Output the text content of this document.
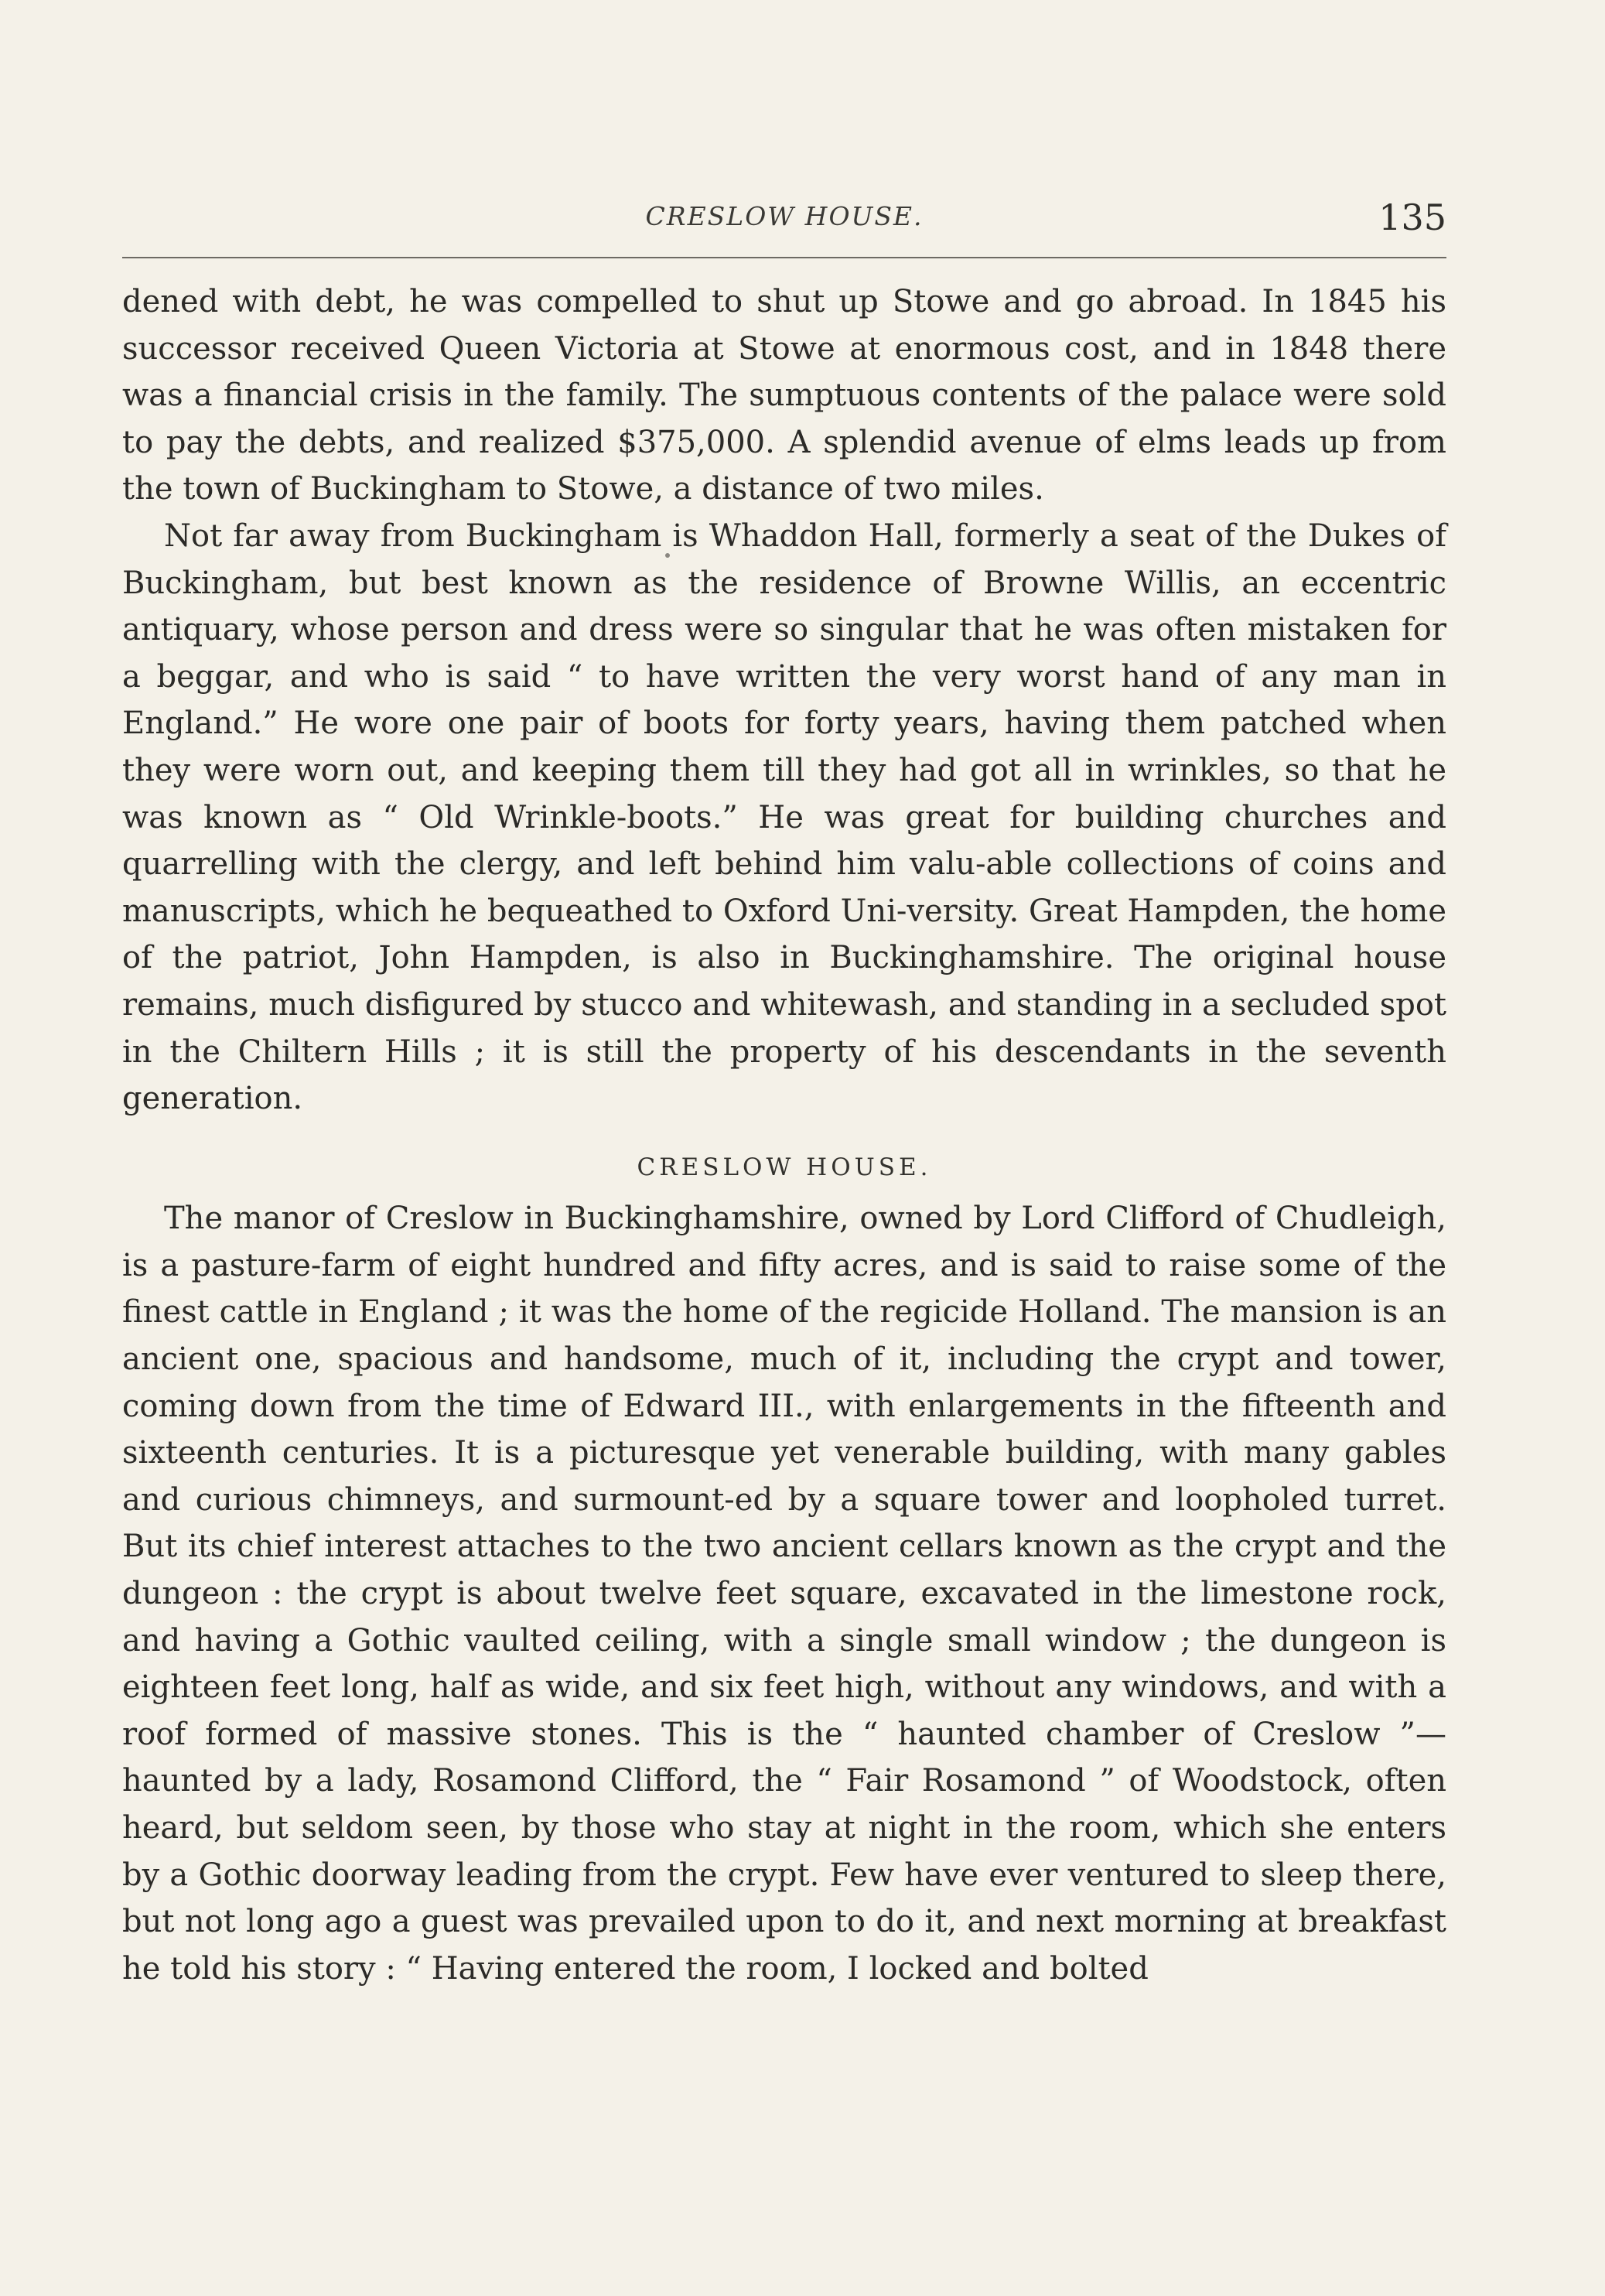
CRESLOW HOUSE.	135

dened with debt, he was compelled to shut up Stowe and go abroad. In 1845 his successor received Queen Victoria at Stowe at enormous cost, and in 1848 there was a financial crisis in the family. The sumptuous contents of the palace were sold to pay the debts, and realized $375,000. A splendid avenue of elms leads up from the town of Buckingham to Stowe, a distance of two miles.

Not far away from Buckingham is Whaddon Hall, formerly a seat of the Dukes of Buckingham, but best known as the residence of Browne Willis, an eccentric antiquary, whose person and dress were so singular that he was often mistaken for a beggar, and who is said “ to have written the very worst hand of any man in England.” He wore one pair of boots for forty years, having them patched when they were worn out, and keeping them till they had got all in wrinkles, so that he was known as “ Old Wrinkle-boots.” He was great for building churches and quarrelling with the clergy, and left behind him valu-able collections of coins and manuscripts, which he bequeathed to Oxford Uni-versity. Great Hampden, the home of the patriot, John Hampden, is also in Buckinghamshire. The original house remains, much disfigured by stucco and whitewash, and standing in a secluded spot in the Chiltern Hills ; it is still the property of his descendants in the seventh generation.

CRESLOW HOUSE.

The manor of Creslow in Buckinghamshire, owned by Lord Clifford of Chudleigh, is a pasture-farm of eight hundred and fifty acres, and is said to raise some of the finest cattle in England ; it was the home of the regicide Holland. The mansion is an ancient one, spacious and handsome, much of it, including the crypt and tower, coming down from the time of Edward III., with enlargements in the fifteenth and sixteenth centuries. It is a picturesque yet venerable building, with many gables and curious chimneys, and surmount-ed by a square tower and loopholed turret. But its chief interest attaches to the two ancient cellars known as the crypt and the dungeon : the crypt is about twelve feet square, excavated in the limestone rock, and having a Gothic vaulted ceiling, with a single small window ; the dungeon is eighteen feet long, half as wide, and six feet high, without any windows, and with a roof formed of massive stones. This is the “ haunted chamber of Creslow ”—haunted by a lady, Rosamond Clifford, the “ Fair Rosamond ” of Woodstock, often heard, but seldom seen, by those who stay at night in the room, which she enters by a Gothic doorway leading from the crypt. Few have ever ventured to sleep there, but not long ago a guest was prevailed upon to do it, and next morning at breakfast he told his story : “ Having entered the room, I locked and bolted
